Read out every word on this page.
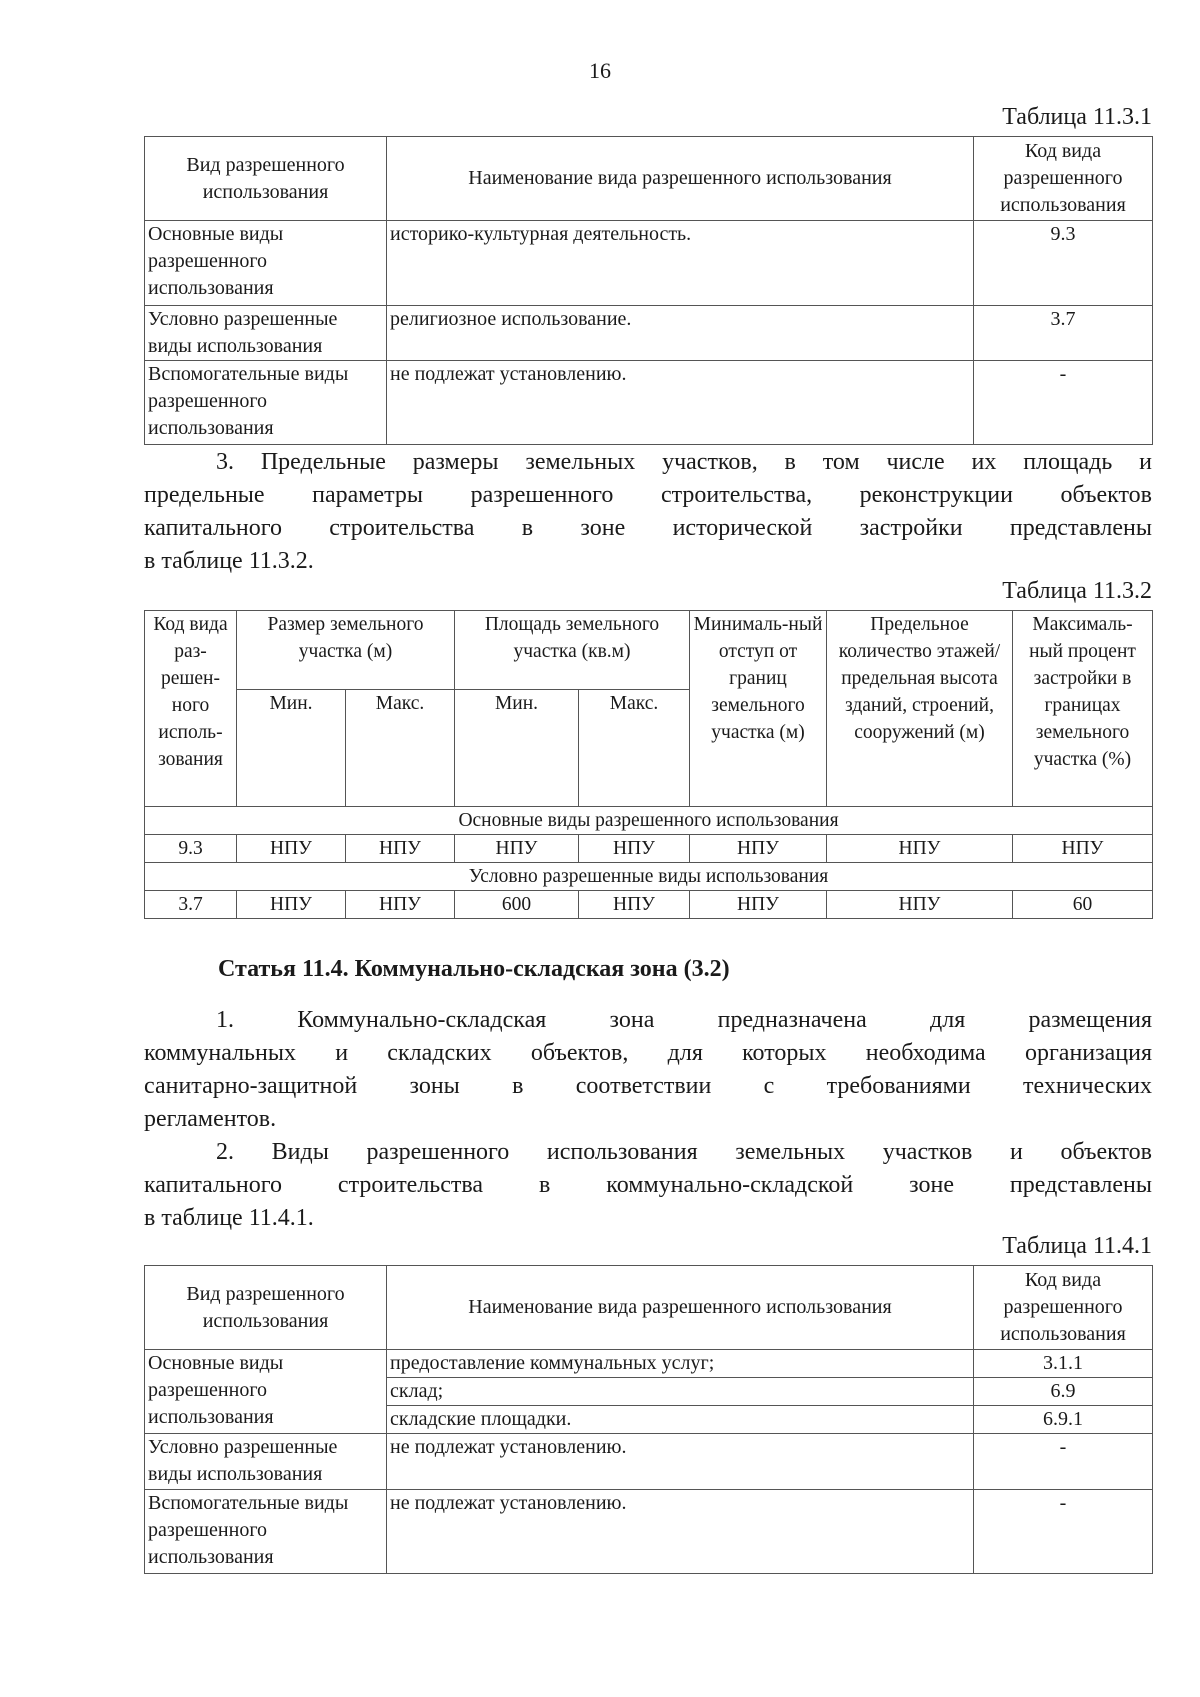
16
Таблица 11.3.1
Вид разрешенного использования	Наименование вида разрешенного использования	Код вида разрешенного использования
Основные виды разрешенного использования	историко-культурная деятельность.	9.3
Условно разрешенные виды использования	религиозное использование.	3.7
Вспомогательные виды разрешенного использования	не подлежат установлению.	-
3. Предельные размеры земельных участков, в том числе их площадь и
предельные параметры разрешенного строительства, реконструкции объектов
капитального строительства в зоне исторической застройки представлены
в таблице 11.3.2.
Таблица 11.3.2
Код вида раз-решен-ного исполь-зования	Размер земельного участка (м)		Площадь земельного участка (кв.м)		Минималь-ный отступ от границ земельного участка (м)	Предельное количество этажей/ предельная высота зданий, строений, сооружений (м)	Максималь-ный процент застройки в границах земельного участка (%)
	Мин.	Макс.	Мин.	Макс.			
Основные виды разрешенного использования							
9.3	НПУ	НПУ	НПУ	НПУ	НПУ	НПУ	НПУ
Условно разрешенные виды использования							
3.7	НПУ	НПУ	600	НПУ	НПУ	НПУ	60
Статья 11.4. Коммунально-складская зона (3.2)
1. Коммунально-складская зона предназначена для размещения
коммунальных и складских объектов, для которых необходима организация
санитарно-защитной зоны в соответствии с требованиями технических
регламентов.
2. Виды разрешенного использования земельных участков и объектов
капитального строительства в коммунально-складской зоне представлены
в таблице 11.4.1.
Таблица 11.4.1
Вид разрешенного использования	Наименование вида разрешенного использования	Код вида разрешенного использования
Основные виды разрешенного использования	предоставление коммунальных услуг;	3.1.1
	склад;	6.9
	складские площадки.	6.9.1
Условно разрешенные виды использования	не подлежат установлению.	-
Вспомогательные виды разрешенного использования	не подлежат установлению.	-
